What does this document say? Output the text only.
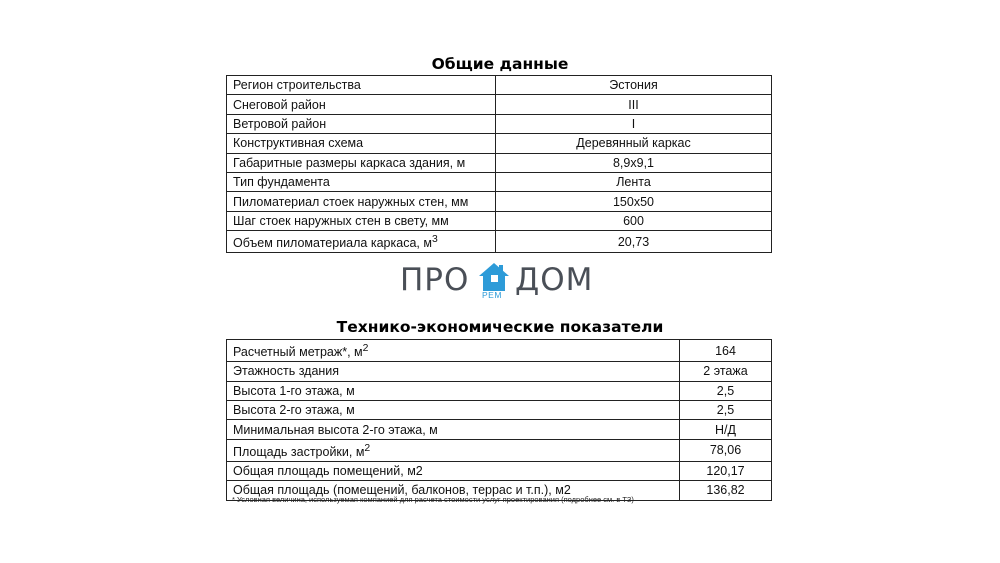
Общие данные
Регион строительства	Эстония
Снеговой район	III
Ветровой район	I
Конструктивная схема	Деревянный каркас
Габаритные размеры каркаса здания, м	8,9x9,1
Тип фундамента	Лента
Пиломатериал стоек наружных стен, мм	150x50
Шаг стоек наружных стен в свету, мм	600
Объем пиломатериала каркаса, $м^3$	20,73
ПРО РЕМ ДОМ
Технико-экономические показатели
Расчетный метраж*, $м^2$	164
Этажность здания	2 этажа
Высота 1-го этажа, м	2,5
Высота 2-го этажа, м	2,5
Минимальная высота 2-го этажа, м	Н/Д
Площадь застройки, $м^2$	78,06
Общая площадь помещений, м2	120,17
Общая площадь (помещений, балконов, террас и т.п.), м2	136,82
* Условная величина, используемая компанией для расчета стоимости услуг проектирования (подробнее см. в ТЗ)
